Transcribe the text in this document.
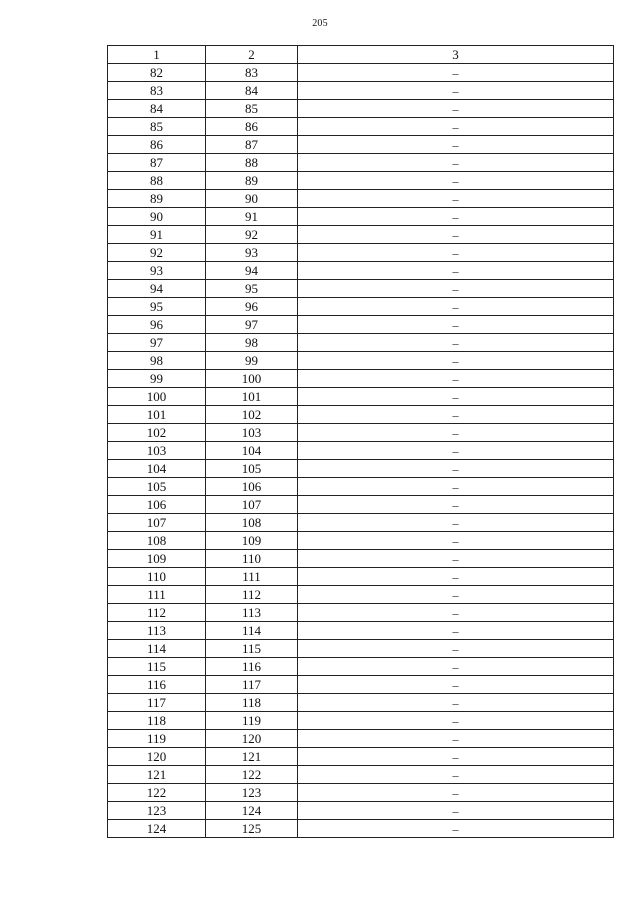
205
1	2	3
82	83	–
83	84	–
84	85	–
85	86	–
86	87	–
87	88	–
88	89	–
89	90	–
90	91	–
91	92	–
92	93	–
93	94	–
94	95	–
95	96	–
96	97	–
97	98	–
98	99	–
99	100	–
100	101	–
101	102	–
102	103	–
103	104	–
104	105	–
105	106	–
106	107	–
107	108	–
108	109	–
109	110	–
110	111	–
111	112	–
112	113	–
113	114	–
114	115	–
115	116	–
116	117	–
117	118	–
118	119	–
119	120	–
120	121	–
121	122	–
122	123	–
123	124	–
124	125	–
